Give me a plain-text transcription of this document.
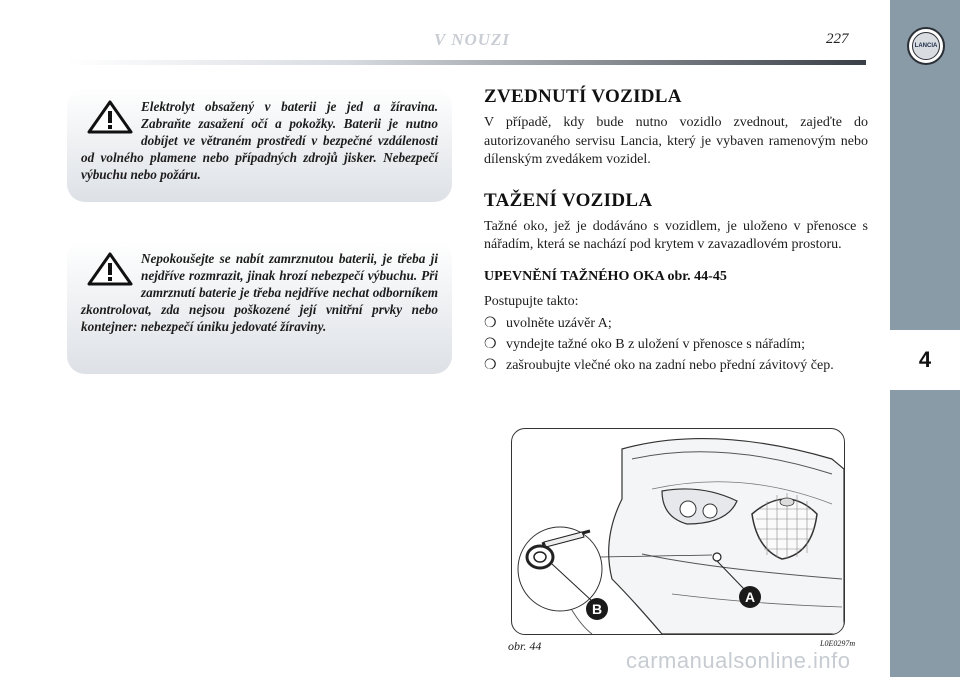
V NOUZI	227	LANCIA
4

Elektrolyt obsažený v baterii je jed a žíravina. Zabraňte zasažení očí a pokožky. Baterii je nutno dobíjet ve větraném prostředí v bezpečné vzdálenosti od volného plamene nebo případných zdrojů jisker. Nebezpečí výbuchu nebo požáru.

Nepokoušejte se nabít zamrznutou baterii, je třeba ji nejdříve rozmrazit, jinak hrozí nebezpečí výbuchu. Při zamrznutí baterie je třeba nejdříve nechat odborníkem zkontrolovat, zda nejsou poškozené její vnitřní prvky nebo kontejner: nebezpečí úniku jedovaté žíraviny.

ZVEDNUTÍ VOZIDLA

V případě, kdy bude nutno vozidlo zvednout, zajeďte do autorizovaného servisu Lancia, který je vybaven ramenovým nebo dílenským zvedákem vozidel.

TAŽENÍ VOZIDLA

Tažné oko, jež je dodáváno s vozidlem, je uloženo v přenosce s nářadím, která se nachází pod krytem v zavazadlovém prostoru.

UPEVNĚNÍ TAŽNÉHO OKA obr. 44-45

Postupujte takto:

❍ uvolněte uzávěr A;
❍ vyndejte tažné oko B z uložení v přenosce s nářadím;
❍ zašroubujte vlečné oko na zadní nebo přední závitový čep.
B
A
obr. 44	L0E0297m
carmanualsonline.info
